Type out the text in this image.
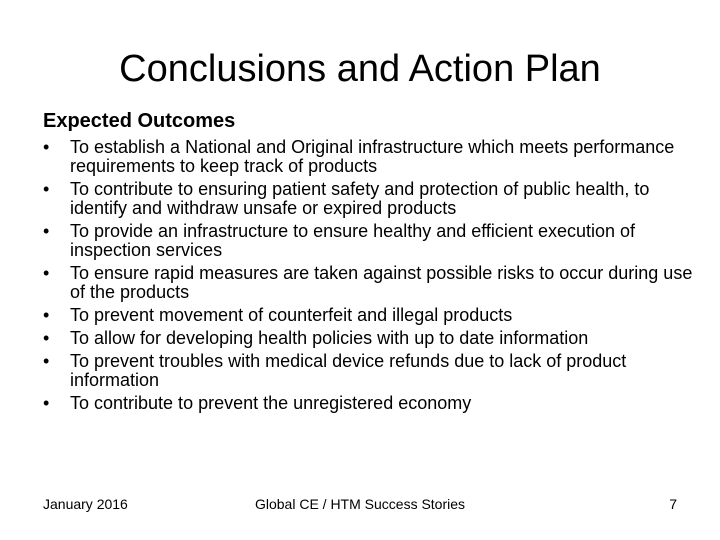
Conclusions and Action Plan
Expected Outcomes
•	To establish a National and Original infrastructure which meets performance requirements to keep track of products
•	To contribute to ensuring patient safety and protection of public health, to identify and withdraw unsafe or expired products
•	To provide an infrastructure to ensure healthy and efficient execution of inspection services
•	To ensure rapid measures are taken against possible risks to occur during use of the products
•	To prevent movement of counterfeit and illegal products
•	To allow for developing health policies with up to date information
•	To prevent troubles with medical device refunds due to lack of product information
•	To contribute to prevent the unregistered economy
Global CE / HTM Success Stories
January 2016	7
